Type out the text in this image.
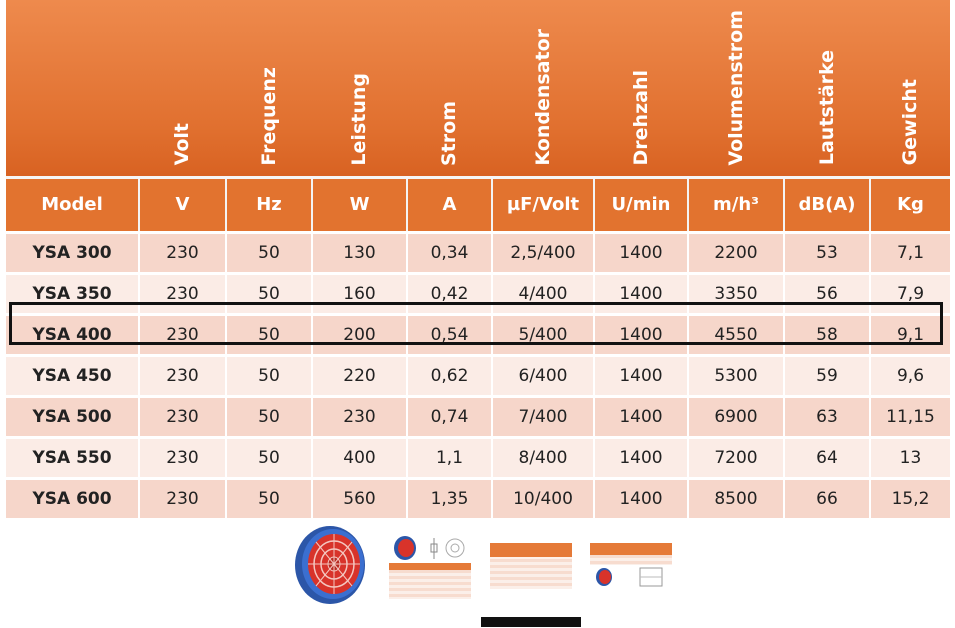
	Volt	Frequenz	Leistung	Strom	Kondensator	Drehzahl	Volumenstrom	Lautstärke	Gewicht
Model	V	Hz	W	A	µF/Volt	U/min	m/h³	dB(A)	Kg
YSA 300	230	50	130	0,34	2,5/400	1400	2200	53	7,1
YSA 350	230	50	160	0,42	4/400	1400	3350	56	7,9
YSA 400	230	50	200	0,54	5/400	1400	4550	58	9,1
YSA 450	230	50	220	0,62	6/400	1400	5300	59	9,6
YSA 500	230	50	230	0,74	7/400	1400	6900	63	11,15
YSA 550	230	50	400	1,1	8/400	1400	7200	64	13
YSA 600	230	50	560	1,35	10/400	1400	8500	66	15,2
